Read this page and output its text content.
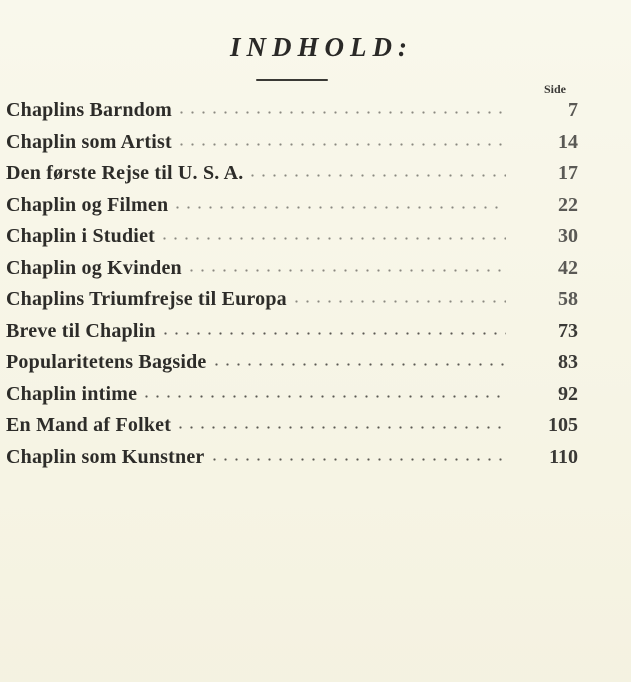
INDHOLD:
Side
Chaplins Barndom	7
Chaplin som Artist	14
Den første Rejse til U. S. A.	17
Chaplin og Filmen	22
Chaplin i Studiet	30
Chaplin og Kvinden	42
Chaplins Triumfrejse til Europa	58
Breve til Chaplin	73
Popularitetens Bagside	83
Chaplin intime	92
En Mand af Folket	105
Chaplin som Kunstner	110
